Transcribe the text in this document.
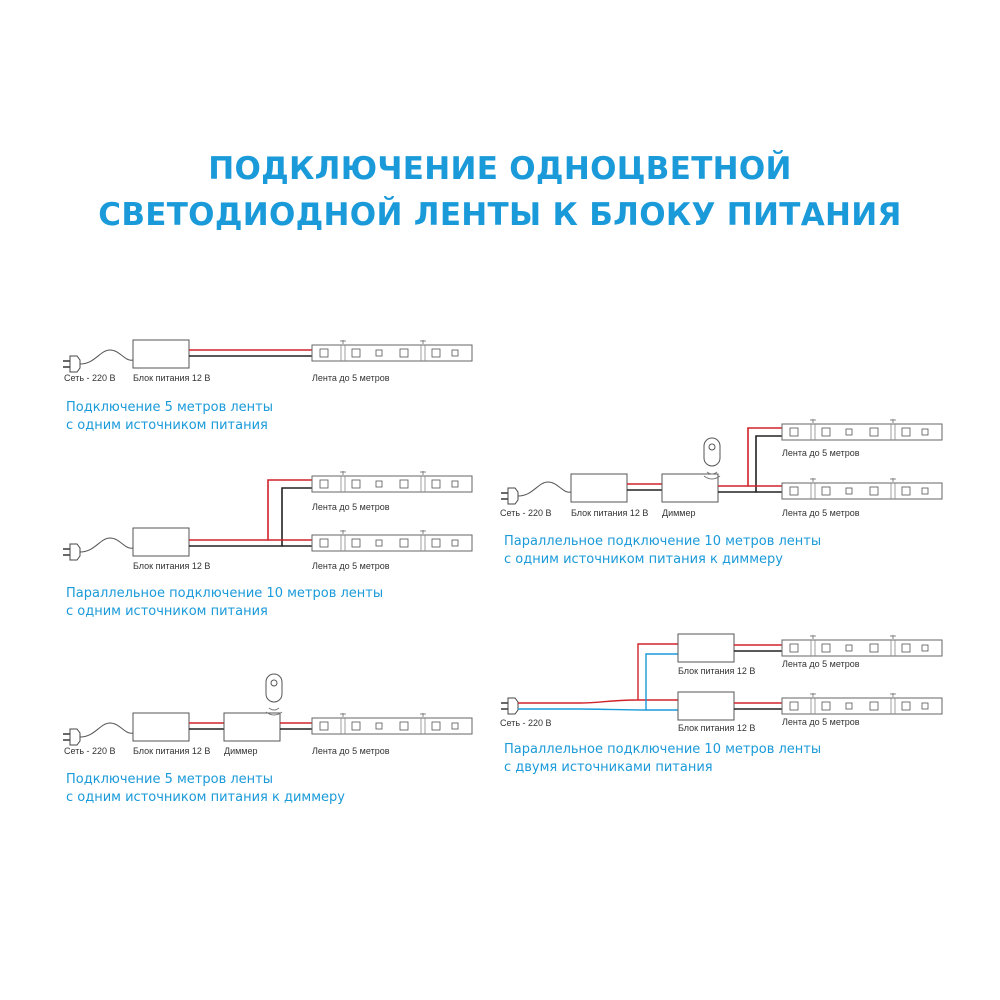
ПОДКЛЮЧЕНИЕ ОДНОЦВЕТНОЙ
СВЕТОДИОДНОЙ ЛЕНТЫ К БЛОКУ ПИТАНИЯ
Сеть - 220 В Блок питания 12 В	Лента до 5 метров
Лента до 5 метров
Блок питания 12 В	Лента до 5 метров
Сеть - 220 В Блок питания 12 В Диммер	Лента до 5 метров
Лента до 5 метров
Сеть - 220 В Блок питания 12 В Диммер	Лента до 5 метров
Блок питания 12 В
Лента до 5 метров
Сеть - 220 В	Блок питания 12 В
Лента до 5 метров

Подключение 5 метров ленты
с одним источником питания

Параллельное подключение 10 метров ленты
с одним источником питания

Подключение 5 метров ленты
с одним источником питания к диммеру

Параллельное подключение 10 метров ленты
с одним источником питания к диммеру

Параллельное подключение 10 метров ленты
с двумя источниками питания
